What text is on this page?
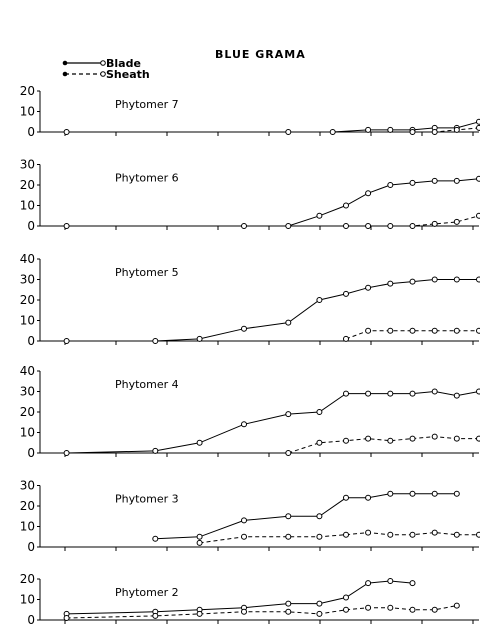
BLUE GRAMA
Blade
Sheath
0
10
20
Phytomer 7
0
10
20
30
Phytomer 6
0
10
20
30
40
Phytomer 5
0
10
20
30
40
Phytomer 4
0
10
20
30
Phytomer 3
0
10
20
Phytomer 2
